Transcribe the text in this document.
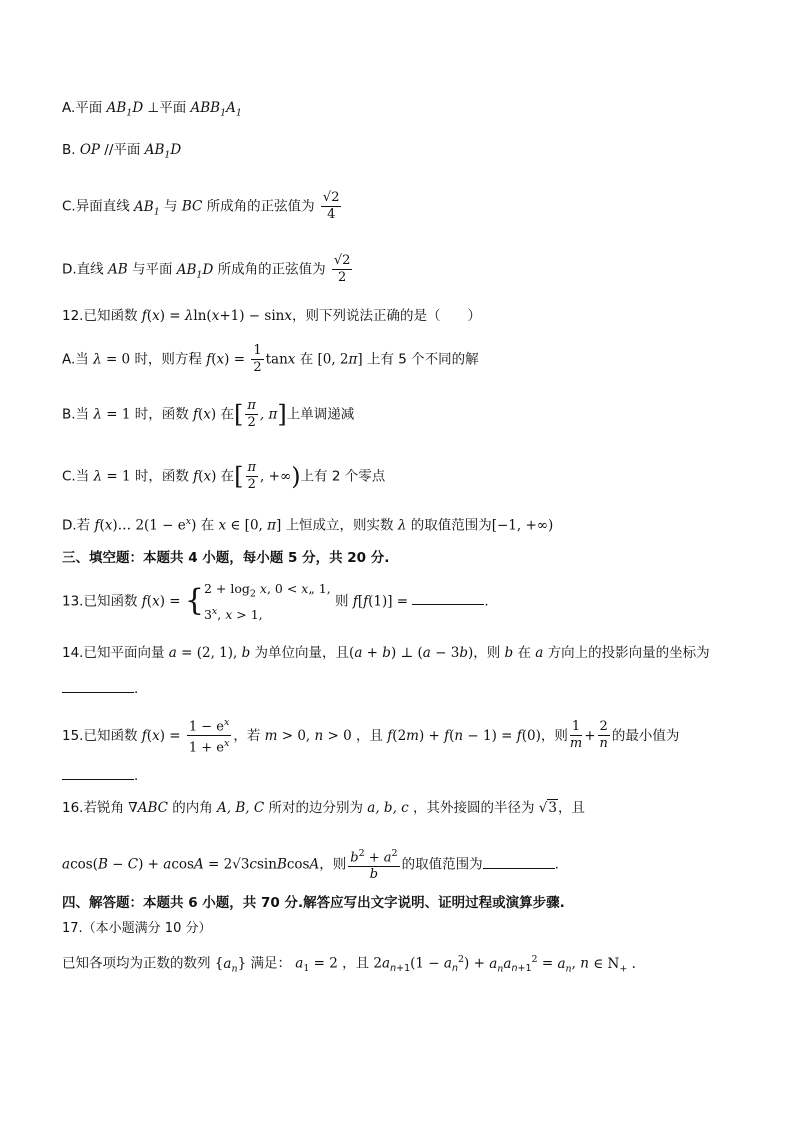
A.平面 $AB_1D$ ⊥平面 $ABB_1A_1$
B. OP //平面 $AB_1D$
C.异面直线 $AB_1$ 与 BC 所成角的正弦值为 $\frac{√2}{4}$
D.直线 AB 与平面 $AB_1D$ 所成角的正弦值为 $\frac{√2}{2}$
12.已知函数 f(x) = λln(x+1) − sinx，则下列说法正确的是（　　）
A.当 λ = 0 时，则方程 $f(x) = \frac{1}{2}$ tanx 在 [0, 2π] 上有 5 个不同的解
B.当 λ = 1 时，函数 f(x) 在[ $\frac{\pi}{2}$ , π]上单调递减
C.当 λ = 1 时，函数 f(x) 在[ $\frac{\pi}{2}$ , +∞)上有 2 个零点
D.若 f(x)… $2(1 - e^x)$ 在 x ∈ [0, π] 上恒成立，则实数 λ 的取值范围为[−1, +∞)
三、填空题：本题共 4 小题，每小题 5 分，共 20 分.
13.已知函数 f(x) = { $2 + \log_2 x$, 0 < x„ 1,
3$^x$, x > 1,
则 f[f(1)] =	.
14.已知平面向量 a = (2, 1), b 为单位向量，且(a + b) ⊥ (a − 3b)，则 b 在 a 方向上的投影向量的坐标为
.
15.已知函数 $f(x) = \frac{1 - e^x}{1 + e^x}$ ，若 m > 0, n > 0 ，且 f(2m) + f(n − 1) = f(0)，则 $\frac{1}{m} + \frac{2}{n}$ 的最小值为
.
16.若锐角 ∇ABC 的内角 A, B, C 所对的边分别为 a, b, c ，其外接圆的半径为 √3，且
acos(B − C) + acosA = 2√3csinBcosA，则 $\frac{b^2 + a^2}{b}$ 的取值范围为	.
四、解答题：本题共 6 小题，共 70 分.解答应写出文字说明、证明过程或演算步骤.
17.（本小题满分 10 分）
已知各项均为正数的数列 $\{a_n\}$ 满足： $a_1 = 2$ ，且 $2a_{n+1}(1 - a_n^2) + a_na_{n+1}^2 = a_n$, n ∈ $N_+$ .
